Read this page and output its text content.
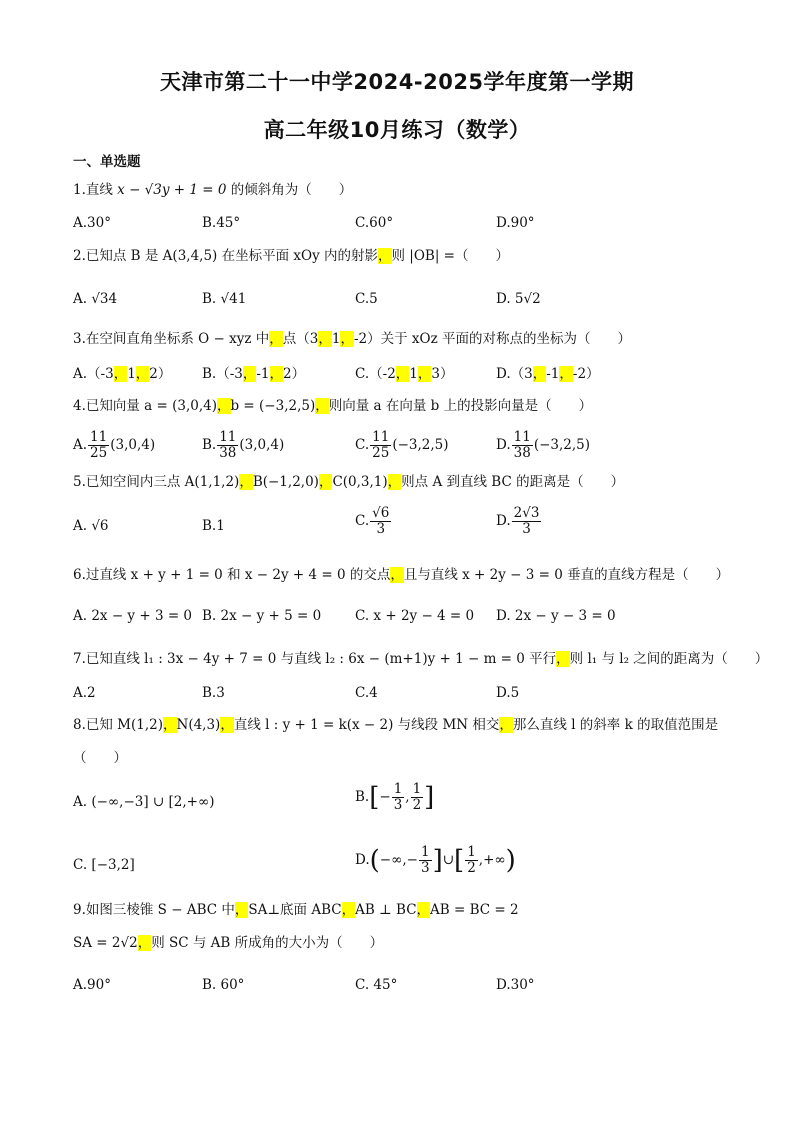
天津市第二十一中学2024-2025学年度第一学期
高二年级10月练习（数学）
一、单选题
1.直线 x − √3y + 1 = 0 的倾斜角为（　　）
A.30°	B.45°	C.60°	D.90°
2.已知点 B 是 A(3,4,5) 在坐标平面 xOy 内的射影，则 |OB| =（　　）
A. √34	B. √41	C.5	D. 5√2
3.在空间直角坐标系 O − xyz 中，点（3，1，-2）关于 xOz 平面的对称点的坐标为（　　）
A.（-3，1，2） B.（-3，-1，2）	C.（-2，1，3）	D.（3，-1，-2）
4.已知向量 a = (3,0,4)，b = (−3,2,5)，则向量 a 在向量 b 上的投影向量是（　　）
A. $\frac{11}{25} (3,0,4)$	B. $\frac{11}{38} (3,0,4)$	C. $\frac{11}{25} (-3,2,5)$	D. $\frac{11}{38} (-3,2,5)$
5.已知空间内三点 A(1,1,2)，B(−1,2,0)，C(0,3,1)，则点 A 到直线 BC 的距离是（　　）
A. √6	B.1	C. $\frac{√6}{3}$	D. $\frac{2√3}{3}$
6.过直线 x + y + 1 = 0 和 x − 2y + 4 = 0 的交点，且与直线 x + 2y − 3 = 0 垂直的直线方程是（　　）
A. 2x − y + 3 = 0 B. 2x − y + 5 = 0	C. x + 2y − 4 = 0 D. 2x − y − 3 = 0
7.已知直线 l₁ : 3x − 4y + 7 = 0 与直线 l₂ : 6x − (m+1)y + 1 − m = 0 平行，则 l₁ 与 l₂ 之间的距离为（　　）
A.2	B.3	C.4	D.5
8.已知 M(1,2)，N(4,3)，直线 l : y + 1 = k(x − 2) 与线段 MN 相交，那么直线 l 的斜率 k 的取值范围是
（　　）
A. (−∞,−3] ∪ [2,+∞)	$B.[- \frac{1}{3}$ , $\frac{1}{2}$ ]
C. [−3,2]	$D.(-\infty,- \frac{1}{3}$ ]∪[ $\frac{1}{2}$ ,+∞)
9.如图三棱锥 S − ABC 中，SA⊥底面 ABC，AB ⊥ BC，AB = BC = 2
SA = 2√2，则 SC 与 AB 所成角的大小为（　　）
A.90°	B. 60°	C. 45°	D.30°
